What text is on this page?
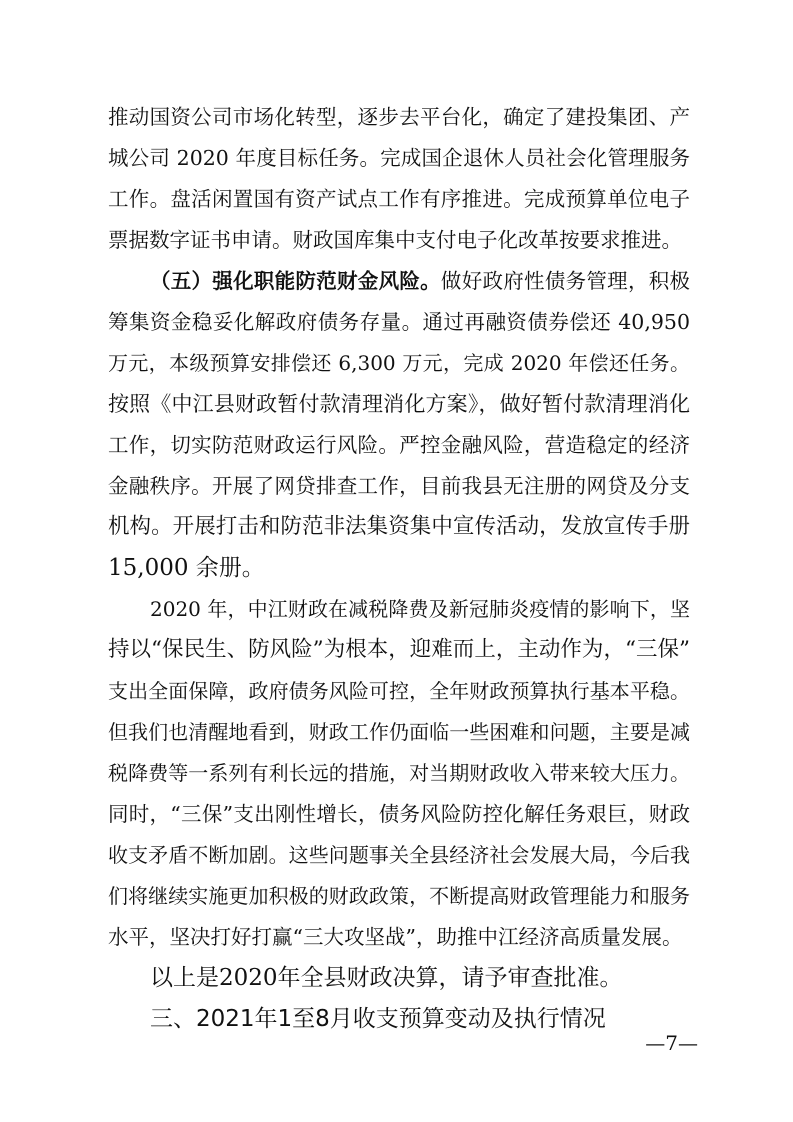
推动国资公司市场化转型，逐步去平台化，确定了建投集团、产
城公司 2020 年度目标任务。完成国企退休人员社会化管理服务
工作。盘活闲置国有资产试点工作有序推进。完成预算单位电子
票据数字证书申请。财政国库集中支付电子化改革按要求推进。
（五）强化职能防范财金风险。做好政府性债务管理，积极
筹集资金稳妥化解政府债务存量。通过再融资债券偿还 40,950
万元，本级预算安排偿还 6,300 万元，完成 2020 年偿还任务。
按照《中江县财政暂付款清理消化方案》，做好暂付款清理消化
工作，切实防范财政运行风险。严控金融风险，营造稳定的经济
金融秩序。开展了网贷排查工作，目前我县无注册的网贷及分支
机构。开展打击和防范非法集资集中宣传活动，发放宣传手册
15,000 余册。
2020 年，中江财政在减税降费及新冠肺炎疫情的影响下，坚
持以“保民生、防风险”为根本，迎难而上，主动作为，“三保”
支出全面保障，政府债务风险可控，全年财政预算执行基本平稳。
但我们也清醒地看到，财政工作仍面临一些困难和问题，主要是减
税降费等一系列有利长远的措施，对当期财政收入带来较大压力。
同时，“三保”支出刚性增长，债务风险防控化解任务艰巨，财政
收支矛盾不断加剧。这些问题事关全县经济社会发展大局，今后我
们将继续实施更加积极的财政政策，不断提高财政管理能力和服务
水平，坚决打好打赢“三大攻坚战”，助推中江经济高质量发展。
以上是2020年全县财政决算，请予审查批准。
三、2021年1至8月收支预算变动及执行情况
—7—
